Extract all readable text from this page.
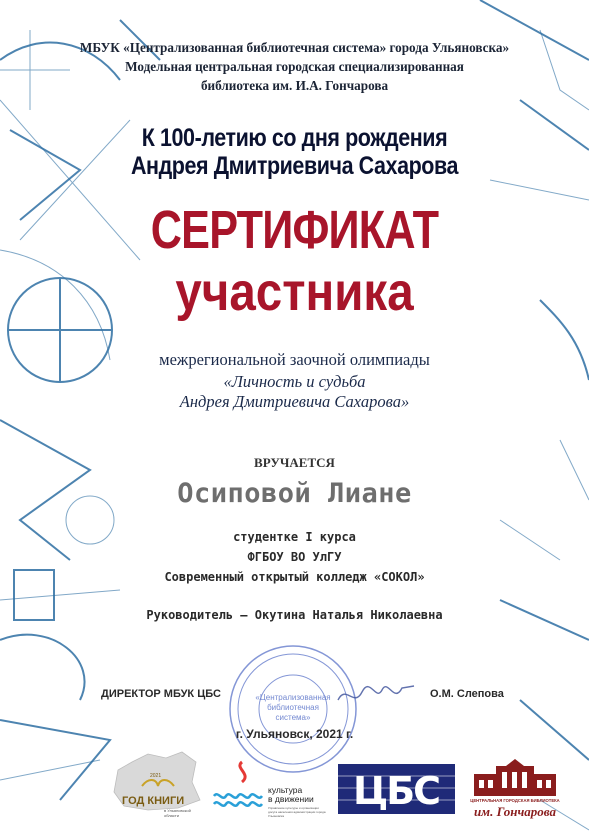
МБУК «Централизованная библиотечная система» города Ульяновска»
Модельная центральная городская специализированная
библиотека им. И.А. Гончарова
К 100-летию со дня рождения
Андрея Дмитриевича Сахарова
СЕРТИФИКАТ
участника
межрегиональной заочной олимпиады
«Личность и судьба
Андрея Дмитриевича Сахарова»
ВРУЧАЕТСЯ
Осиповой Лиане
студентке I курса
ФГБОУ ВО УлГУ
Современный открытый колледж «СОКОЛ»
Руководитель – Окутина Наталья Николаевна
«Централизованная
библиотечная
система»
ДИРЕКТОР МБУК ЦБС	О.М. Слепова
г. Ульяновск, 2021 г.
2021
ГОД КНИГИ
в Ульяновской области
культура
в движении
Управление культуры и организации досуга населения администрации города Ульяновска
ЦБС	ЦЕНТРАЛЬНАЯ ГОРОДСКАЯ БИБЛИОТЕКА
им. Гончарова
